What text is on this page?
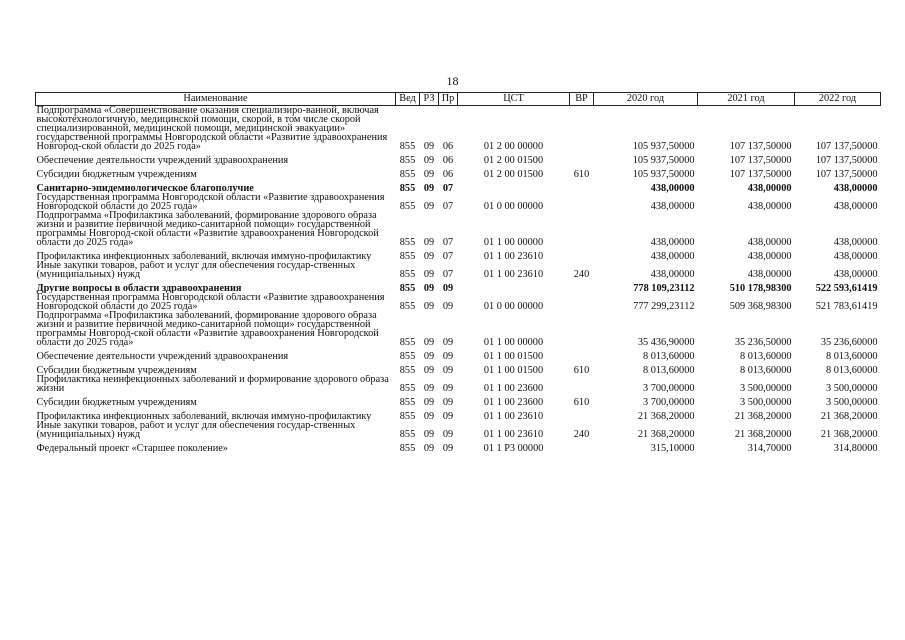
18
Наименование	Вед	РЗ	Пр	ЦСТ	ВР	2020 год	2021 год	2022 год
Подпрограмма «Совершенствование оказания специализиро-ванной, включая высокотехнологичную, медицинской помощи, скорой, в том числе скорой специализированной, медицинской помощи, медицинской эвакуации» государственной программы Новгородской области «Развитие здравоохранения Новгород-ской области до 2025 года»	855	09	06	01 2 00 00000		105 937,50000	107 137,50000	107 137,50000
Обеспечение деятельности учреждений здравоохранения	855	09	06	01 2 00 01500		105 937,50000	107 137,50000	107 137,50000
Субсидии бюджетным учреждениям	855	09	06	01 2 00 01500	610	105 937,50000	107 137,50000	107 137,50000
Санитарно-эпидемиологическое благополучие	855	09	07			438,00000	438,00000	438,00000
Государственная программа Новгородской области «Развитие здравоохранения Новгородской области до 2025 года»	855	09	07	01 0 00 00000		438,00000	438,00000	438,00000
Подпрограмма «Профилактика заболеваний, формирование здорового образа жизни и развитие первичной медико-санитарной помощи» государственной программы Новгород-ской области «Развитие здравоохранения Новгородской области до 2025 года»	855	09	07	01 1 00 00000		438,00000	438,00000	438,00000
Профилактика инфекционных заболеваний, включая иммуно-профилактику	855	09	07	01 1 00 23610		438,00000	438,00000	438,00000
Иные закупки товаров, работ и услуг для обеспечения государ-ственных (муниципальных) нужд	855	09	07	01 1 00 23610	240	438,00000	438,00000	438,00000
Другие вопросы в области здравоохранения	855	09	09			778 109,23112	510 178,98300	522 593,61419
Государственная программа Новгородской области «Развитие здравоохранения Новгородской области до 2025 года»	855	09	09	01 0 00 00000		777 299,23112	509 368,98300	521 783,61419
Подпрограмма «Профилактика заболеваний, формирование здорового образа жизни и развитие первичной медико-санитарной помощи» государственной программы Новгород-ской области «Развитие здравоохранения Новгородской области до 2025 года»	855	09	09	01 1 00 00000		35 436,90000	35 236,50000	35 236,60000
Обеспечение деятельности учреждений здравоохранения	855	09	09	01 1 00 01500		8 013,60000	8 013,60000	8 013,60000
Субсидии бюджетным учреждениям	855	09	09	01 1 00 01500	610	8 013,60000	8 013,60000	8 013,60000
Профилактика неинфекционных заболеваний и формирование здорового образа жизни	855	09	09	01 1 00 23600		3 700,00000	3 500,00000	3 500,00000
Субсидии бюджетным учреждениям	855	09	09	01 1 00 23600	610	3 700,00000	3 500,00000	3 500,00000
Профилактика инфекционных заболеваний, включая иммуно-профилактику	855	09	09	01 1 00 23610		21 368,20000	21 368,20000	21 368,20000
Иные закупки товаров, работ и услуг для обеспечения государ-ственных (муниципальных) нужд	855	09	09	01 1 00 23610	240	21 368,20000	21 368,20000	21 368,20000
Федеральный проект «Старшее поколение»	855	09	09	01 1 P3 00000		315,10000	314,70000	314,80000
